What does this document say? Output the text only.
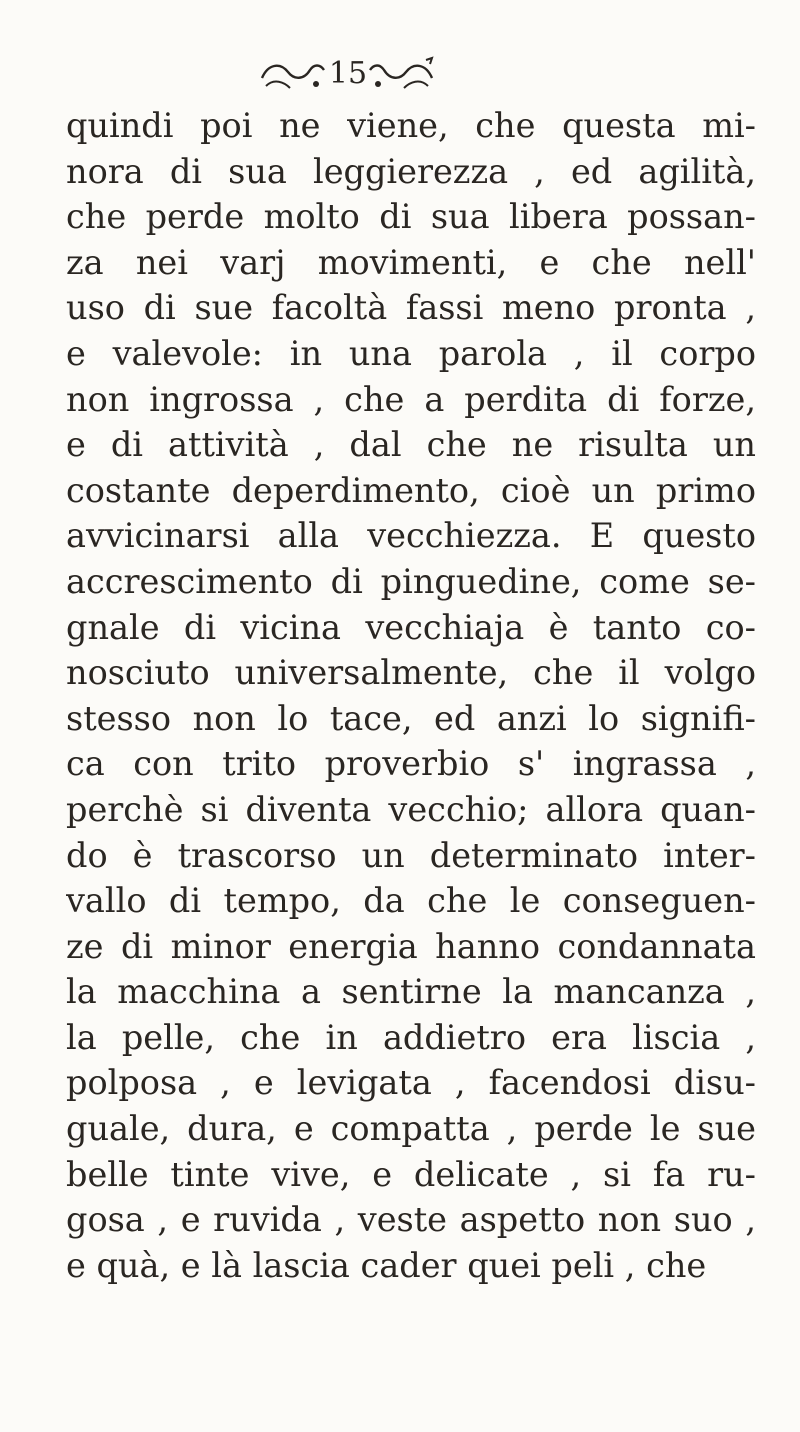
15
quindi poi ne viene, che questa mi-
nora di sua leggierezza , ed agilità,
che perde molto di sua libera possan-
za nei varj movimenti, e che nell'
uso di sue facoltà fassi meno pronta ,
e valevole: in una parola , il corpo
non ingrossa , che a perdita di forze,
e di attività , dal che ne risulta un
costante deperdimento, cioè un primo
avvicinarsi alla vecchiezza. E questo
accrescimento di pinguedine, come se-
gnale di vicina vecchiaja è tanto co-
nosciuto universalmente, che il volgo
stesso non lo tace, ed anzi lo signifi-
ca con trito proverbio s' ingrassa ,
perchè si diventa vecchio; allora quan-
do è trascorso un determinato inter-
vallo di tempo, da che le conseguen-
ze di minor energia hanno condannata
la macchina a sentirne la mancanza ,
la pelle, che in addietro era liscia ,
polposa , e levigata , facendosi disu-
guale, dura, e compatta , perde le sue
belle tinte vive, e delicate , si fa ru-
gosa , e ruvida , veste aspetto non suo ,
e quà, e là lascia cader quei peli , che
